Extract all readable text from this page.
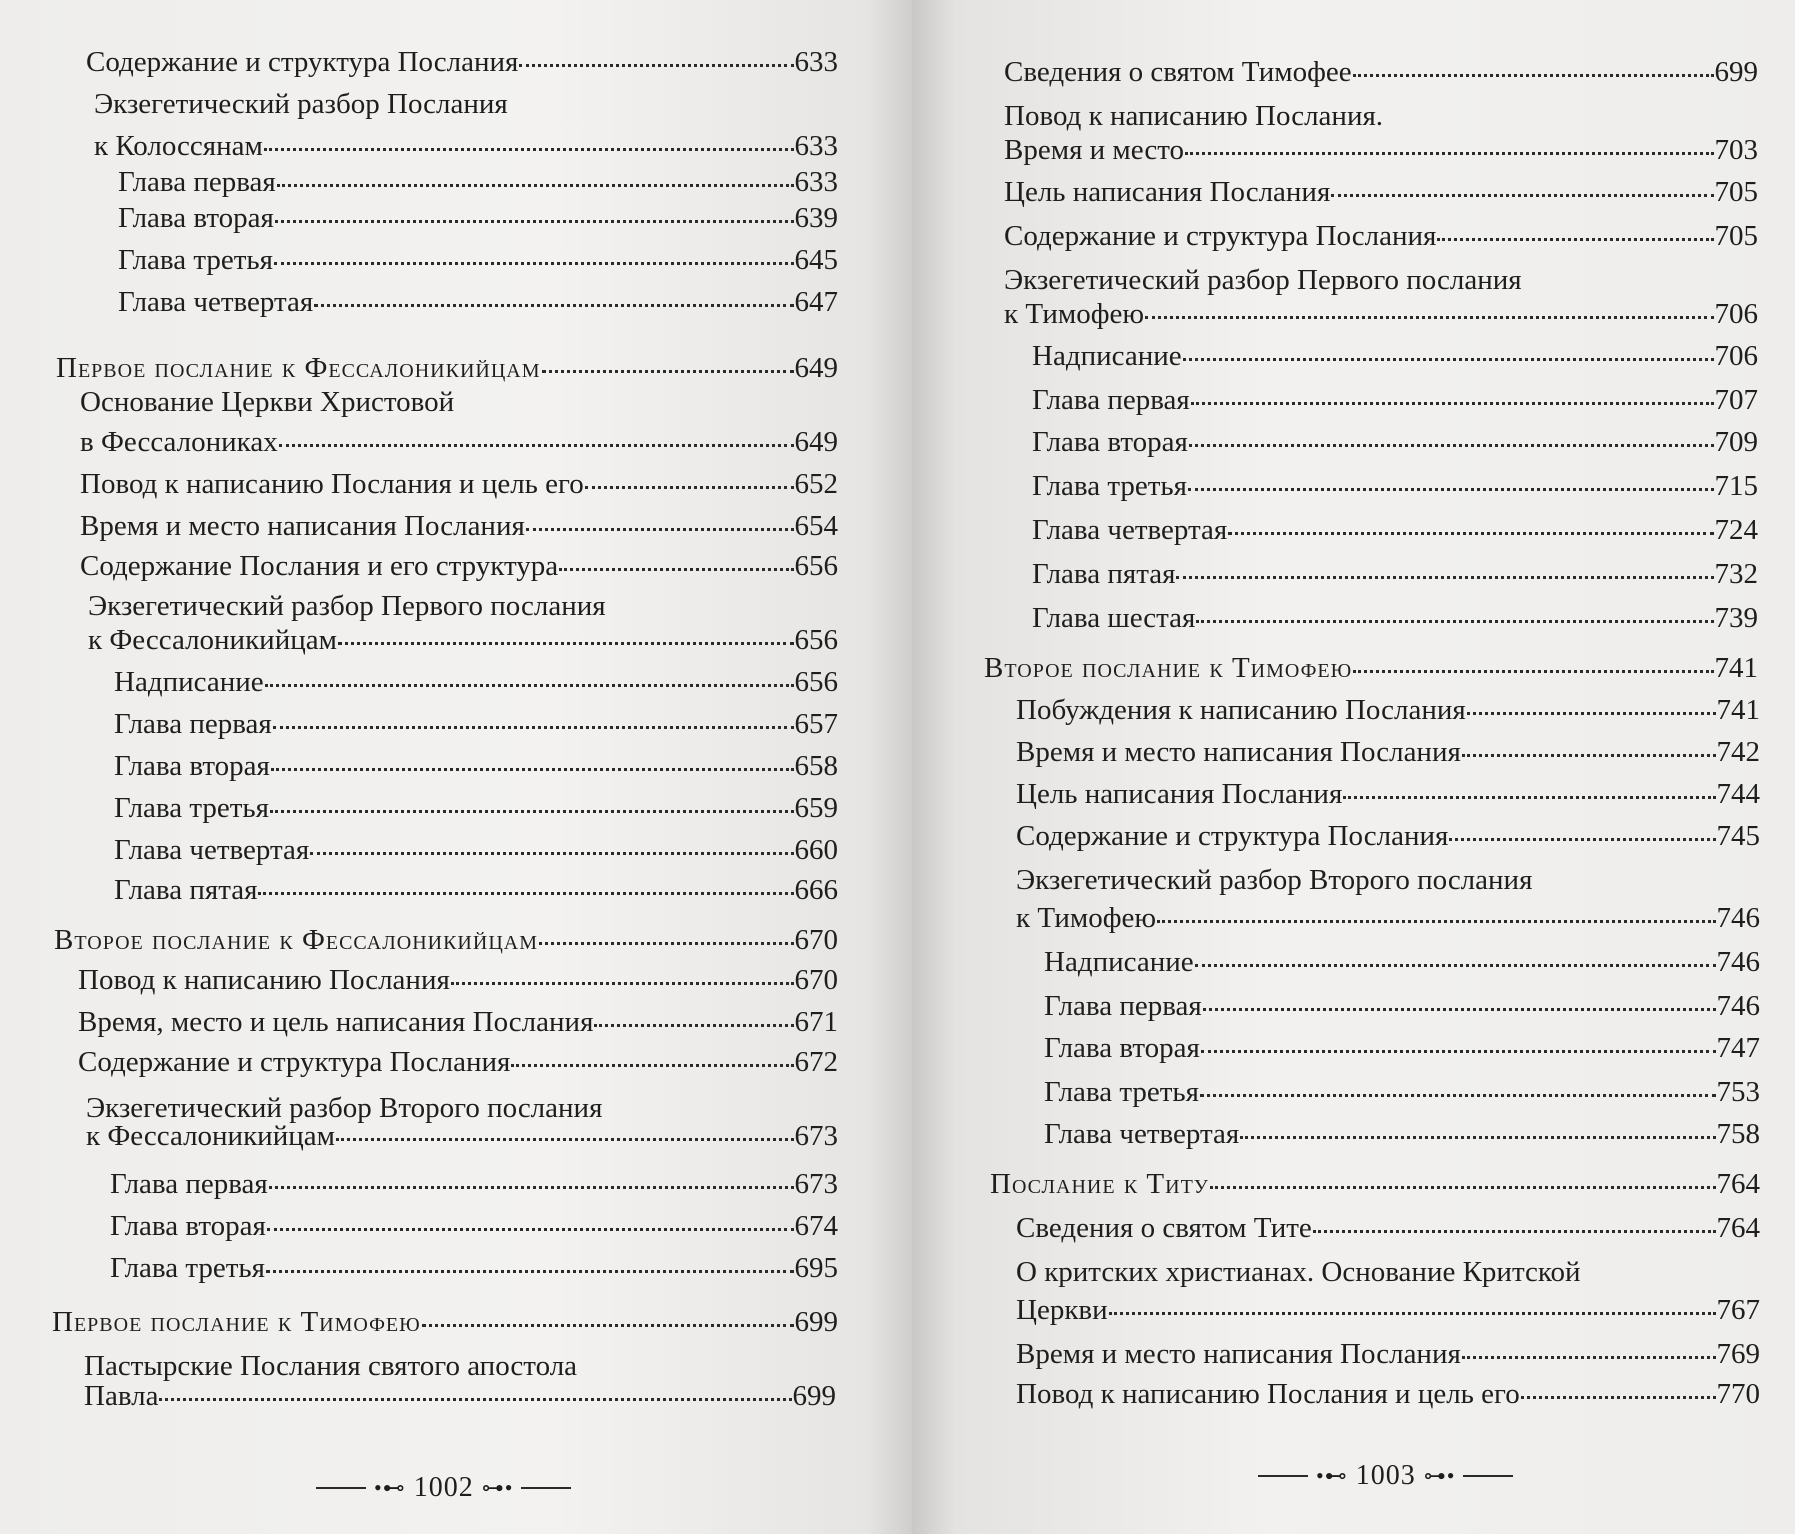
Содержание и структура Послания	633
Экзегетический разбор Послания
к Колоссянам	633
Глава первая	633
Глава вторая	639
Глава третья	645
Глава четвертая	647
Первое послание к Фессалоникийцам	649
Основание Церкви Христовой
в Фессалониках	649
Повод к написанию Послания и цель его	652
Время и место написания Послания	654
Содержание Послания и его структура	656
Экзегетический разбор Первого послания
к Фессалоникийцам	656
Надписание	656
Глава первая	657
Глава вторая	658
Глава третья	659
Глава четвертая	660
Глава пятая	666
Второе послание к Фессалоникийцам	670
Повод к написанию Послания	670
Время, место и цель написания Послания	671
Содержание и структура Послания	672
Экзегетический разбор Второго послания
к Фессалоникийцам	673
Глава первая	673
Глава вторая	674
Глава третья	695
Первое послание к Тимофею	699
Пастырские Послания святого апостола
Павла	699
•⊷ 1002 ⊶•
Сведения о святом Тимофее	699
Повод к написанию Послания.
Время и место	703
Цель написания Послания	705
Содержание и структура Послания	705
Экзегетический разбор Первого послания
к Тимофею	706
Надписание	706
Глава первая	707
Глава вторая	709
Глава третья	715
Глава четвертая	724
Глава пятая	732
Глава шестая	739
Второе послание к Тимофею	741
Побуждения к написанию Послания	741
Время и место написания Послания	742
Цель написания Послания	744
Содержание и структура Послания	745
Экзегетический разбор Второго послания
к Тимофею	746
Надписание	746
Глава первая	746
Глава вторая	747
Глава третья	753
Глава четвертая	758
Послание к Титу	764
Сведения о святом Тите	764
О критских христианах. Основание Критской
Церкви	767
Время и место написания Послания	769
Повод к написанию Послания и цель его	770
•⊷ 1003 ⊶•
